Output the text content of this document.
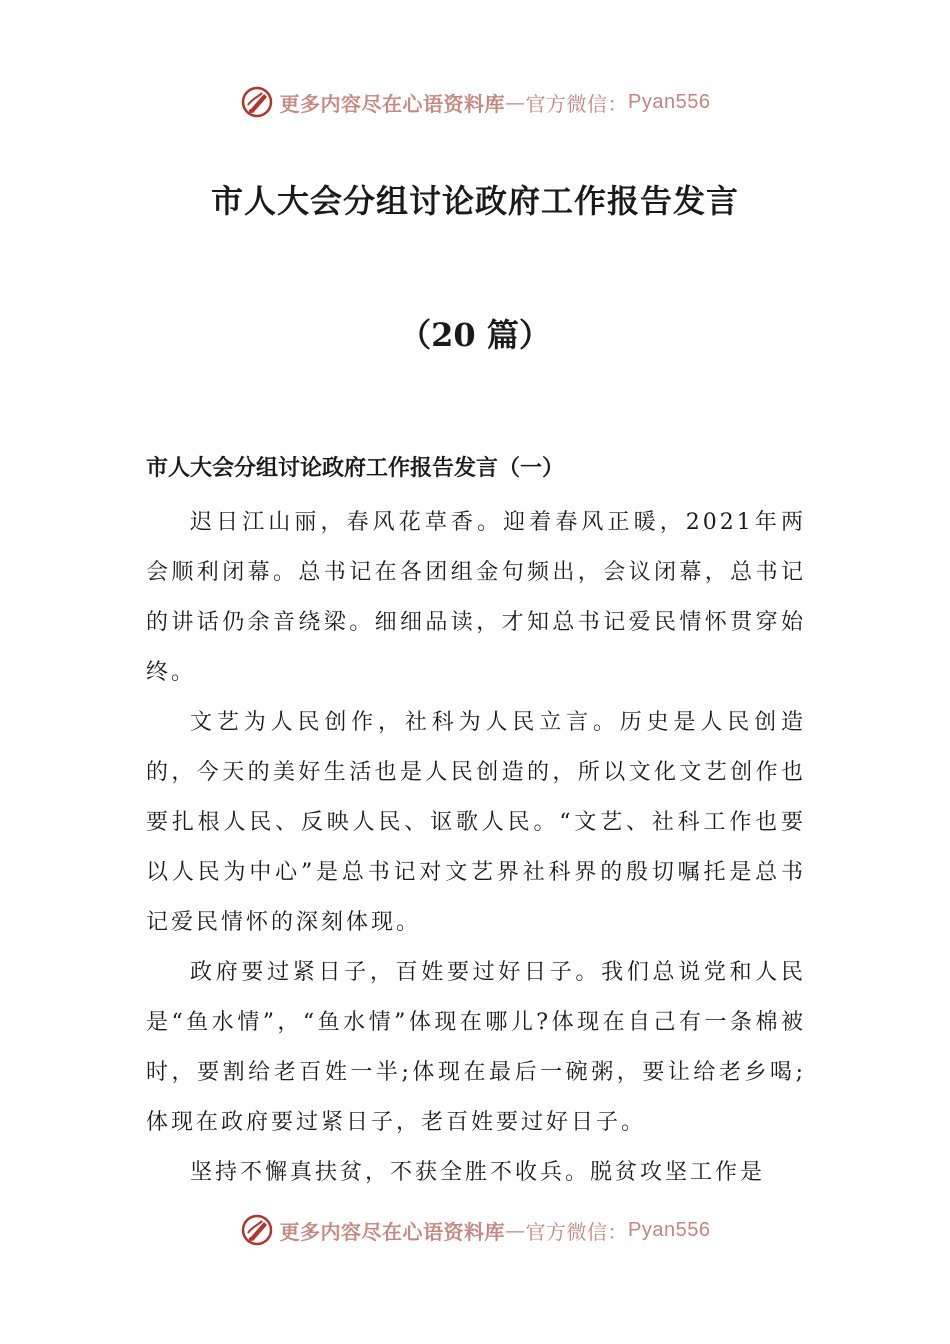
更多内容尽在心语资料库 — 官方微信： Pyan556
市人大会分组讨论政府工作报告发言
（20 篇）
市人大会分组讨论政府工作报告发言（一）

迟日江山丽，春风花草香。迎着春风正暖，2021年两会顺利闭幕。总书记在各团组金句频出，会议闭幕，总书记的讲话仍余音绕梁。细细品读，才知总书记爱民情怀贯穿始终。

文艺为人民创作，社科为人民立言。历史是人民创造的，今天的美好生活也是人民创造的，所以文化文艺创作也要扎根人民、反映人民、讴歌人民。“文艺、社科工作也要以人民为中心”是总书记对文艺界社科界的殷切嘱托是总书记爱民情怀的深刻体现。

政府要过紧日子，百姓要过好日子。我们总说党和人民是“鱼水情”，“鱼水情”体现在哪儿?体现在自己有一条棉被时，要割给老百姓一半;体现在最后一碗粥，要让给老乡喝;体现在政府要过紧日子，老百姓要过好日子。

坚持不懈真扶贫，不获全胜不收兵。脱贫攻坚工作是

更多内容尽在心语资料库 — 官方微信： Pyan556
